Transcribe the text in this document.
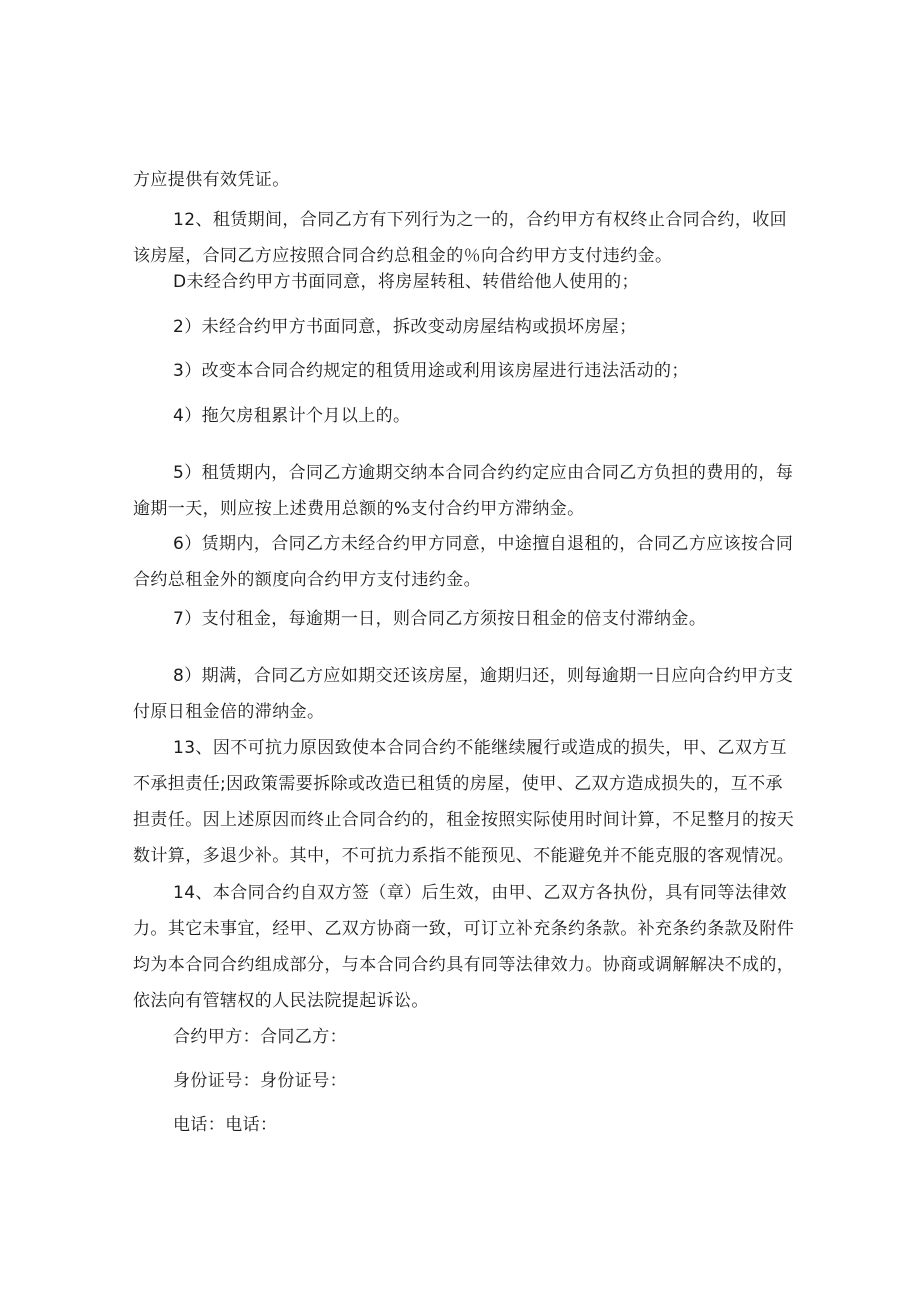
方应提供有效凭证。

12、租赁期间，合同乙方有下列行为之一的，合约甲方有权终止合同合约，收回该房屋，合同乙方应按照合同合约总租金的％向合约甲方支付违约金。

D未经合约甲方书面同意，将房屋转租、转借给他人使用的；

2）未经合约甲方书面同意，拆改变动房屋结构或损坏房屋；

3）改变本合同合约规定的租赁用途或利用该房屋进行违法活动的；

4）拖欠房租累计个月以上的。

5）租赁期内，合同乙方逾期交纳本合同合约约定应由合同乙方负担的费用的，每逾期一天，则应按上述费用总额的%支付合约甲方滞纳金。

6）赁期内，合同乙方未经合约甲方同意，中途擅自退租的，合同乙方应该按合同合约总租金外的额度向合约甲方支付违约金。

7）支付租金，每逾期一日，则合同乙方须按日租金的倍支付滞纳金。

8）期满，合同乙方应如期交还该房屋，逾期归还，则每逾期一日应向合约甲方支付原日租金倍的滞纳金。

13、因不可抗力原因致使本合同合约不能继续履行或造成的损失，甲、乙双方互不承担责任;因政策需要拆除或改造已租赁的房屋，使甲、乙双方造成损失的，互不承担责任。因上述原因而终止合同合约的，租金按照实际使用时间计算，不足整月的按天数计算，多退少补。其中，不可抗力系指不能预见、不能避免并不能克服的客观情况。

14、本合同合约自双方签（章）后生效，由甲、乙双方各执份，具有同等法律效力。其它未事宜，经甲、乙双方协商一致，可订立补充条约条款。补充条约条款及附件均为本合同合约组成部分，与本合同合约具有同等法律效力。协商或调解解决不成的，依法向有管辖权的人民法院提起诉讼。

合约甲方：合同乙方：

身份证号：身份证号：

电话：电话：
